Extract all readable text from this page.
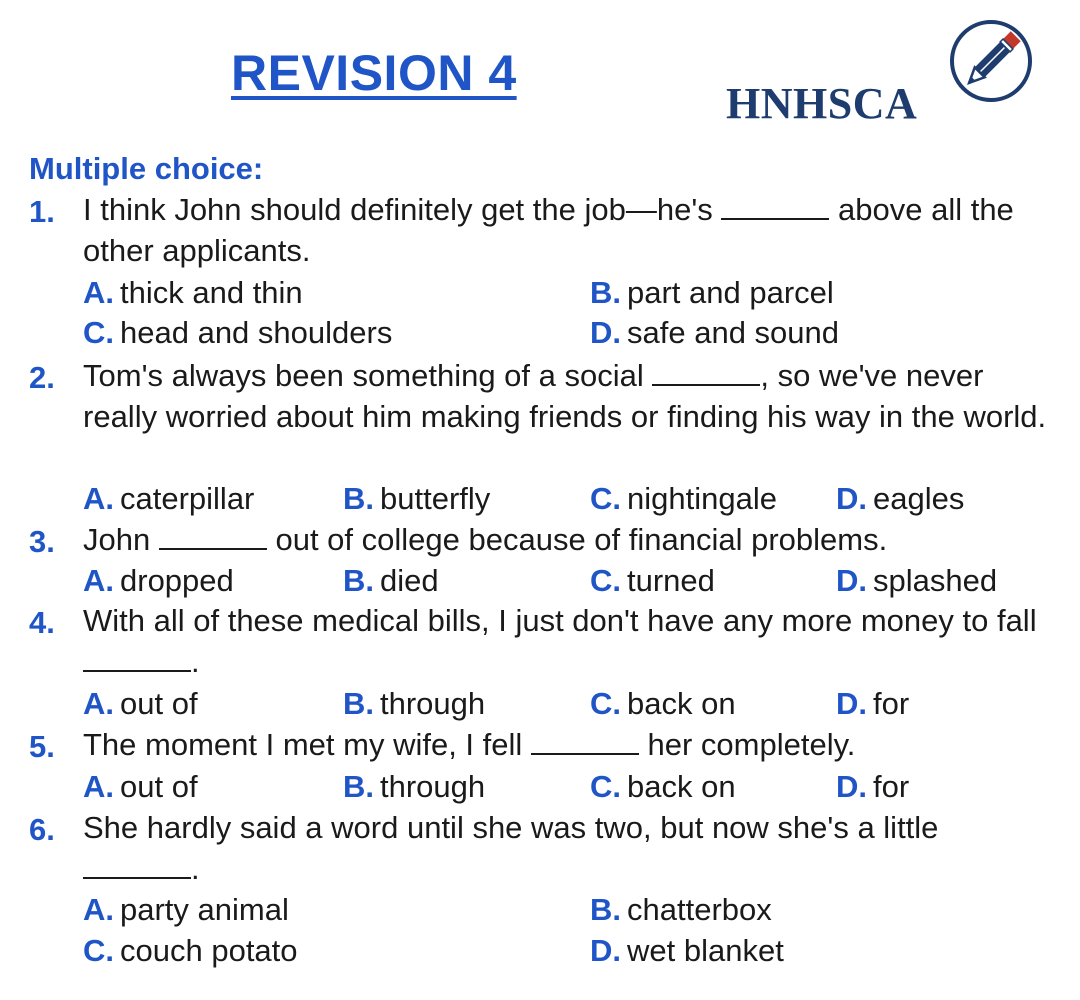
REVISION 4
HNHSCA
Multiple choice:
1. I think John should definitely get the job—he's	above all the other applicants.
A. thick and thin	B. part and parcel
C. head and shoulders	D. safe and sound
2. Tom's always been something of a social	, so we've never really worried about him making friends or finding his way in the world.
A. caterpillar	B. butterfly	C. nightingale D. eagles
3. John	out of college because of financial problems.
A. dropped	B. died	C. turned	D. splashed
4. With all of these medical bills, I just don't have any more money to fall .
A. out of	B. through	C. back on	D. for
5. The moment I met my wife, I fell	her completely.
A. out of	B. through	C. back on	D. for
6. She hardly said a word until she was two, but now she's a little .
A. party animal	B. chatterbox
C. couch potato	D. wet blanket
